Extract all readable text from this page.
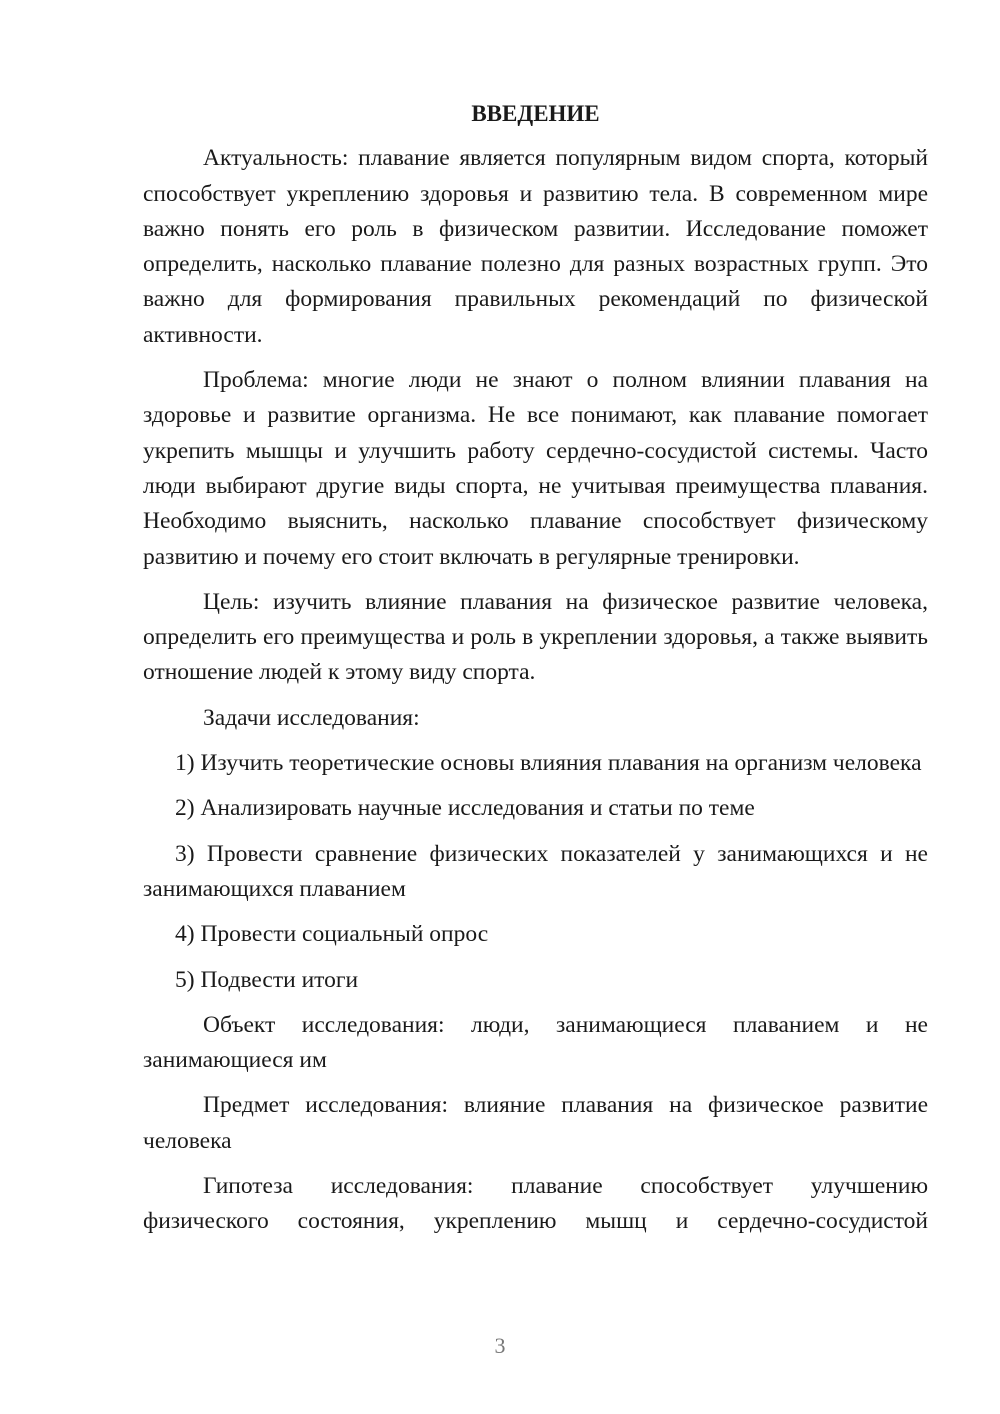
ВВЕДЕНИЕ

Актуальность: плавание является популярным видом спорта, который способствует укреплению здоровья и развитию тела. В современном мире важно понять его роль в физическом развитии. Исследование поможет определить, насколько плавание полезно для разных возрастных групп. Это важно для формирования правильных рекомендаций по физической активности.

Проблема: многие люди не знают о полном влиянии плавания на здоровье и развитие организма. Не все понимают, как плавание помогает укрепить мышцы и улучшить работу сердечно-сосудистой системы. Часто люди выбирают другие виды спорта, не учитывая преимущества плавания. Необходимо выяснить, насколько плавание способствует физическому развитию и почему его стоит включать в регулярные тренировки.

Цель: изучить влияние плавания на физическое развитие человека, определить его преимущества и роль в укреплении здоровья, а также выявить отношение людей к этому виду спорта.

Задачи исследования:

1) Изучить теоретические основы влияния плавания на организм человека

2) Анализировать научные исследования и статьи по теме

3) Провести сравнение физических показателей у занимающихся и не занимающихся плаванием

4) Провести социальный опрос

5) Подвести итоги

Объект исследования: люди, занимающиеся плаванием и не занимающиеся им

Предмет исследования: влияние плавания на физическое развитие человека

Гипотеза исследования: плавание способствует улучшению физического состояния, укреплению мышц и сердечно-сосудистой

3
